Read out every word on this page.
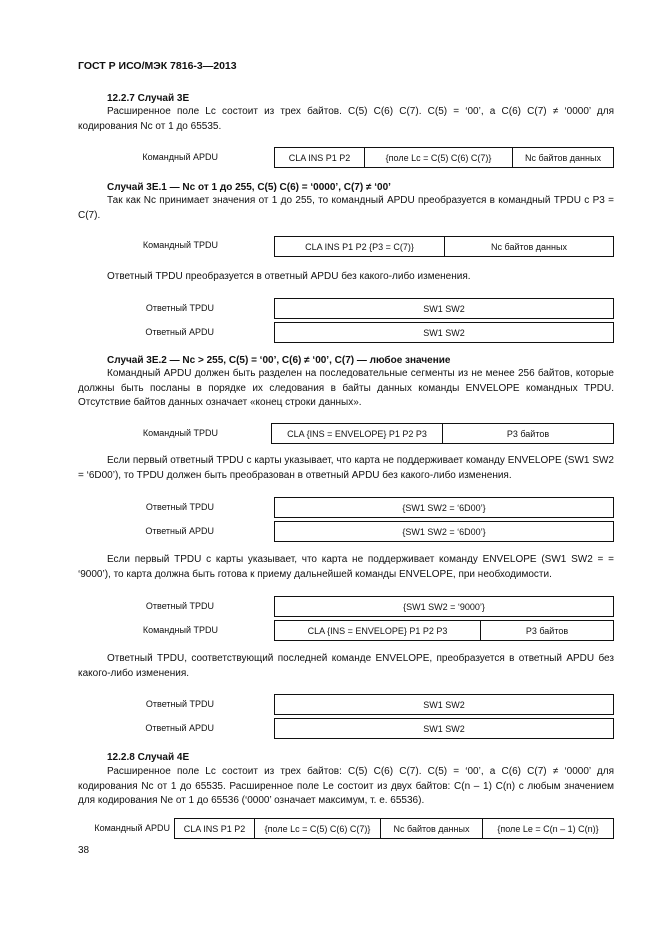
ГОСТ Р ИСО/МЭК 7816-3—2013
12.2.7 Случай 3E
Расширенное поле Lc состоит из трех байтов. С(5) С(6) С(7). С(5) = ‘00’, а С(6) С(7) ≠ ‘0000’ для кодирования Nc от 1 до 65535.
Командный APDU	CLA INS P1 P2	{поле Lc = C(5) C(6) C(7)}	Nc байтов данных
Случай 3Е.1 — Nc от 1 до 255, С(5) С(6) = ‘0000’, С(7) ≠ ‘00’
Так как Nc принимает значения от 1 до 255, то командный APDU преобразуется в командный TPDU с Р3 = С(7).
Командный TPDU	CLA INS P1 P2 {P3 = C(7)}	Nc байтов данных
Ответный TPDU преобразуется в ответный APDU без какого-либо изменения.
Ответный TPDU	SW1 SW2
Ответный APDU	SW1 SW2
Случай 3Е.2 — Nc > 255, С(5) = ‘00’, С(6) ≠ ‘00’, С(7) — любое значение
Командный APDU должен быть разделен на последовательные сегменты из не менее 256 байтов, которые должны быть посланы в порядке их следования в байты данных команды ENVELOPE командных TPDU. Отсутствие байтов данных означает «конец строки данных».
Командный TPDU	CLA {INS = ENVELOPE} P1 P2 P3	P3 байтов
Если первый ответный TPDU с карты указывает, что карта не поддерживает команду ENVELOPE (SW1 SW2 = ‘6D00’), то TPDU должен быть преобразован в ответный APDU без какого-либо изменения.
Ответный TPDU	{SW1 SW2 = ‘6D00’}
Ответный APDU	{SW1 SW2 = ‘6D00’}
Если первый TPDU с карты указывает, что карта не поддерживает команду ENVELOPE (SW1 SW2 = = ‘9000’), то карта должна быть готова к приему дальнейшей команды ENVELOPE, при необходимости.
Ответный TPDU	{SW1 SW2 = ‘9000’}
Командный TPDU	CLA {INS = ENVELOPE} P1 P2 P3	P3 байтов
Ответный TPDU, соответствующий последней команде ENVELOPE, преобразуется в ответный APDU без какого-либо изменения.
Ответный TPDU	SW1 SW2
Ответный APDU	SW1 SW2
12.2.8 Случай 4E
Расширенное поле Lc состоит из трех байтов: С(5) С(6) С(7). С(5) = ‘00’, а С(6) С(7) ≠ ‘0000’ для кодирования Nc от 1 до 65535. Расширенное поле Le состоит из двух байтов: С(n – 1) С(n) с любым значением для кодирования Ne от 1 до 65536 (‘0000’ означает максимум, т. е. 65536).
Командный APDU	CLA INS P1 P2	{поле Lc = C(5) C(6) C(7)}	Nc байтов данных	{поле Le = C(n – 1) C(n)}
38
